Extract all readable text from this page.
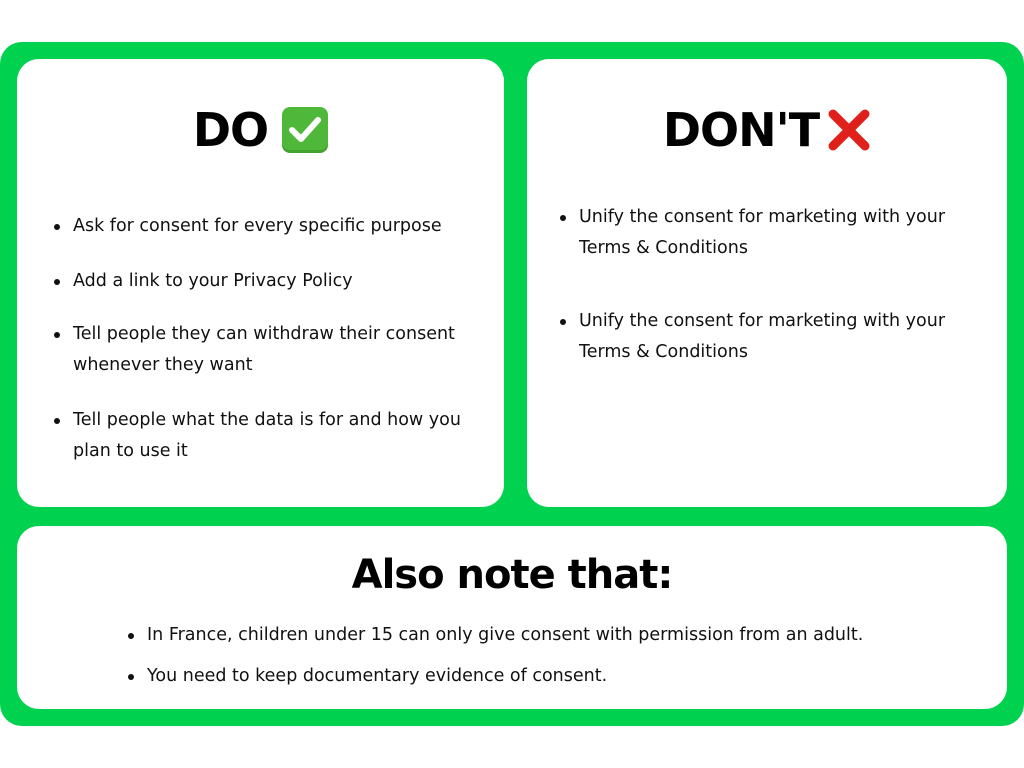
DO
Ask for consent for every specific purpose
Add a link to your Privacy Policy
Tell people they can withdraw their consent whenever they want
Tell people what the data is for and how you plan to use it
DON'T
Unify the consent for marketing with your Terms & Conditions
Unify the consent for marketing with your Terms & Conditions
Also note that:
In France, children under 15 can only give consent with permission from an adult.
You need to keep documentary evidence of consent.
